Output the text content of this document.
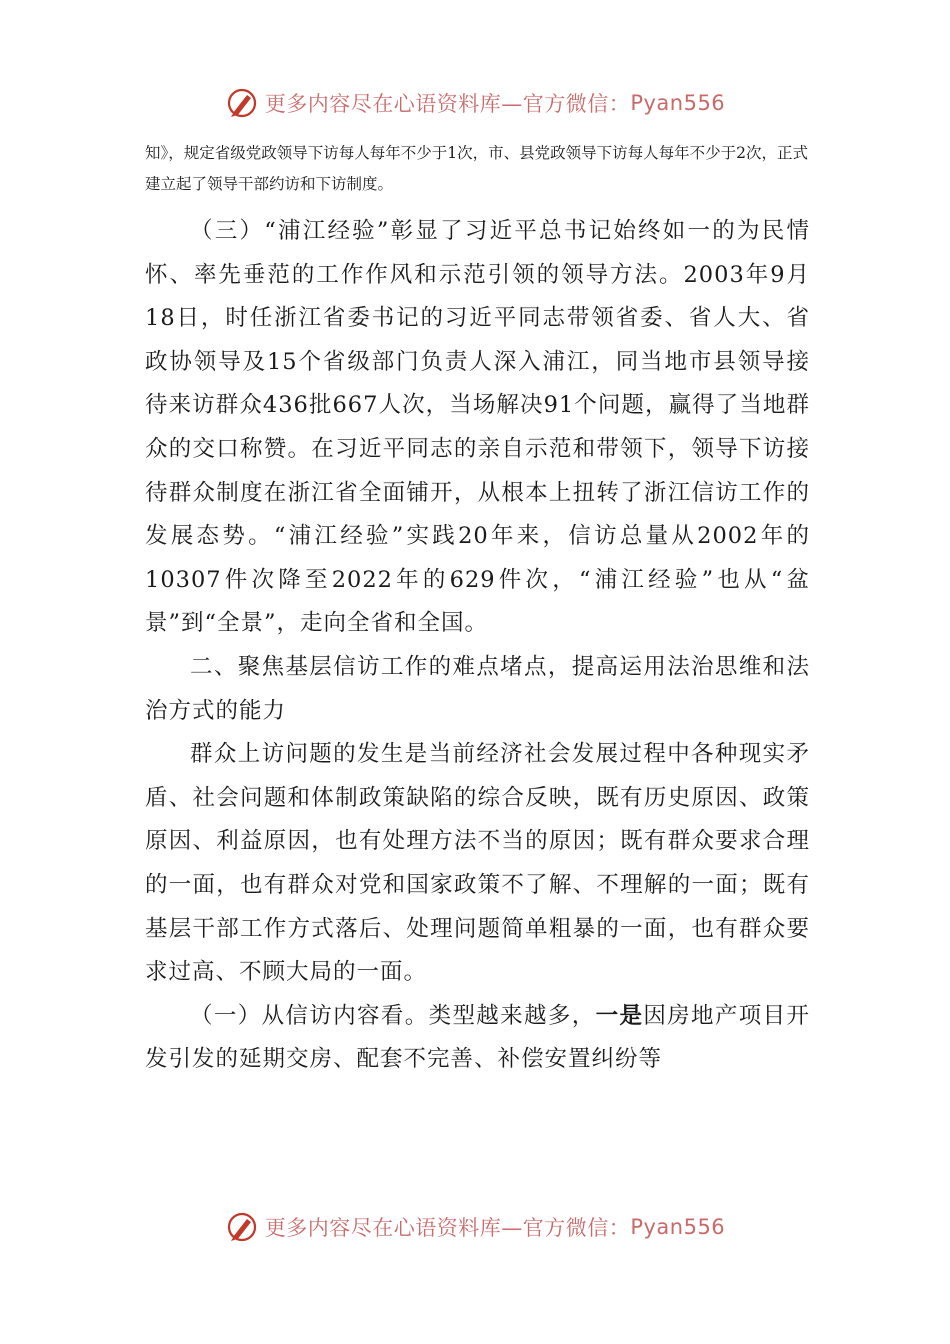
更多内容尽在心语资料库—官方微信： Pyan556

知》，规定省级党政领导下访每人每年不少于1次，市、县党政领导下访每人每年不少于2次，正式建立起了领导干部约访和下访制度。

（三）“浦江经验”彰显了习近平总书记始终如一的为民情怀、率先垂范的工作作风和示范引领的领导方法。2003年9月18日，时任浙江省委书记的习近平同志带领省委、省人大、省政协领导及15个省级部门负责人深入浦江，同当地市县领导接待来访群众436批667人次，当场解决91个问题，赢得了当地群众的交口称赞。在习近平同志的亲自示范和带领下，领导下访接待群众制度在浙江省全面铺开，从根本上扭转了浙江信访工作的发展态势。“浦江经验”实践20年来，信访总量从2002年的10307件次降至2022年的629件次，“浦江经验”也从“盆景”到“全景”，走向全省和全国。

二、聚焦基层信访工作的难点堵点，提高运用法治思维和法治方式的能力

群众上访问题的发生是当前经济社会发展过程中各种现实矛盾、社会问题和体制政策缺陷的综合反映，既有历史原因、政策原因、利益原因，也有处理方法不当的原因；既有群众要求合理的一面，也有群众对党和国家政策不了解、不理解的一面；既有基层干部工作方式落后、处理问题简单粗暴的一面，也有群众要求过高、不顾大局的一面。

（一）从信访内容看。类型越来越多，一是因房地产项目开发引发的延期交房、配套不完善、补偿安置纠纷等

更多内容尽在心语资料库—官方微信： Pyan556
